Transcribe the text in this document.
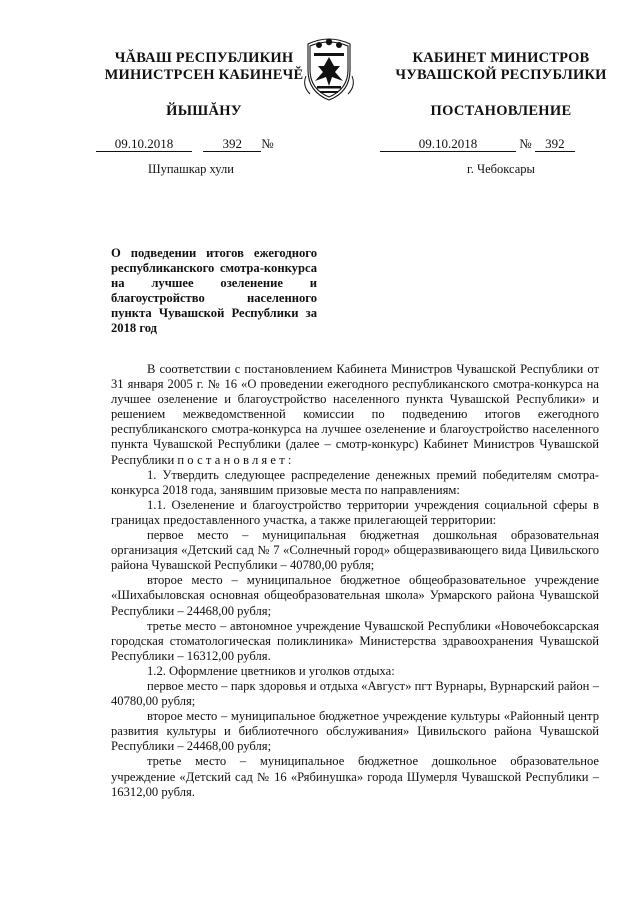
ЧĂВАШ РЕСПУБЛИКИН
МИНИСТРСЕН КАБИНЕЧĔ
ЙЫШĂНУ
КАБИНЕТ МИНИСТРОВ
ЧУВАШСКОЙ РЕСПУБЛИКИ
ПОСТАНОВЛЕНИЕ
09.10.2018	392 №	09.10.2018	№ 392
Шупашкар хули	г. Чебоксары
О подведении итогов ежегодного республиканского смотра-конкурса на лучшее озеленение и благоустройство населенного пункта Чувашской Республики за 2018 год

В соответствии с постановлением Кабинета Министров Чувашской Республики от 31 января 2005 г. № 16 «О проведении ежегодного республиканского смотра-конкурса на лучшее озеленение и благоустройство населенного пункта Чувашской Республики» и решением межведомственной комиссии по подведению итогов ежегодного республиканского смотра-конкурса на лучшее озеленение и благоустройство населенного пункта Чувашской Республики (далее – смотр-конкурс) Кабинет Министров Чувашской Республики постановляет:

1. Утвердить следующее распределение денежных премий победителям смотра-конкурса 2018 года, занявшим призовые места по направлениям:

1.1. Озеленение и благоустройство территории учреждения социальной сферы в границах предоставленного участка, а также прилегающей территории:

первое место – муниципальная бюджетная дошкольная образовательная организация «Детский сад № 7 «Солнечный город» общеразвивающего вида Цивильского района Чувашской Республики – 40780,00 рубля;

второе место – муниципальное бюджетное общеобразовательное учреждение «Шихабыловская основная общеобразовательная школа» Урмарского района Чувашской Республики – 24468,00 рубля;

третье место – автономное учреждение Чувашской Республики «Новочебоксарская городская стоматологическая поликлиника» Министерства здравоохранения Чувашской Республики – 16312,00 рубля.

1.2. Оформление цветников и уголков отдыха:

первое место – парк здоровья и отдыха «Август» пгт Вурнары, Вурнарский район – 40780,00 рубля;

второе место – муниципальное бюджетное учреждение культуры «Районный центр развития культуры и библиотечного обслуживания» Цивильского района Чувашской Республики – 24468,00 рубля;

третье место – муниципальное бюджетное дошкольное образовательное учреждение «Детский сад № 16 «Рябинушка» города Шумерля Чувашской Республики – 16312,00 рубля.
